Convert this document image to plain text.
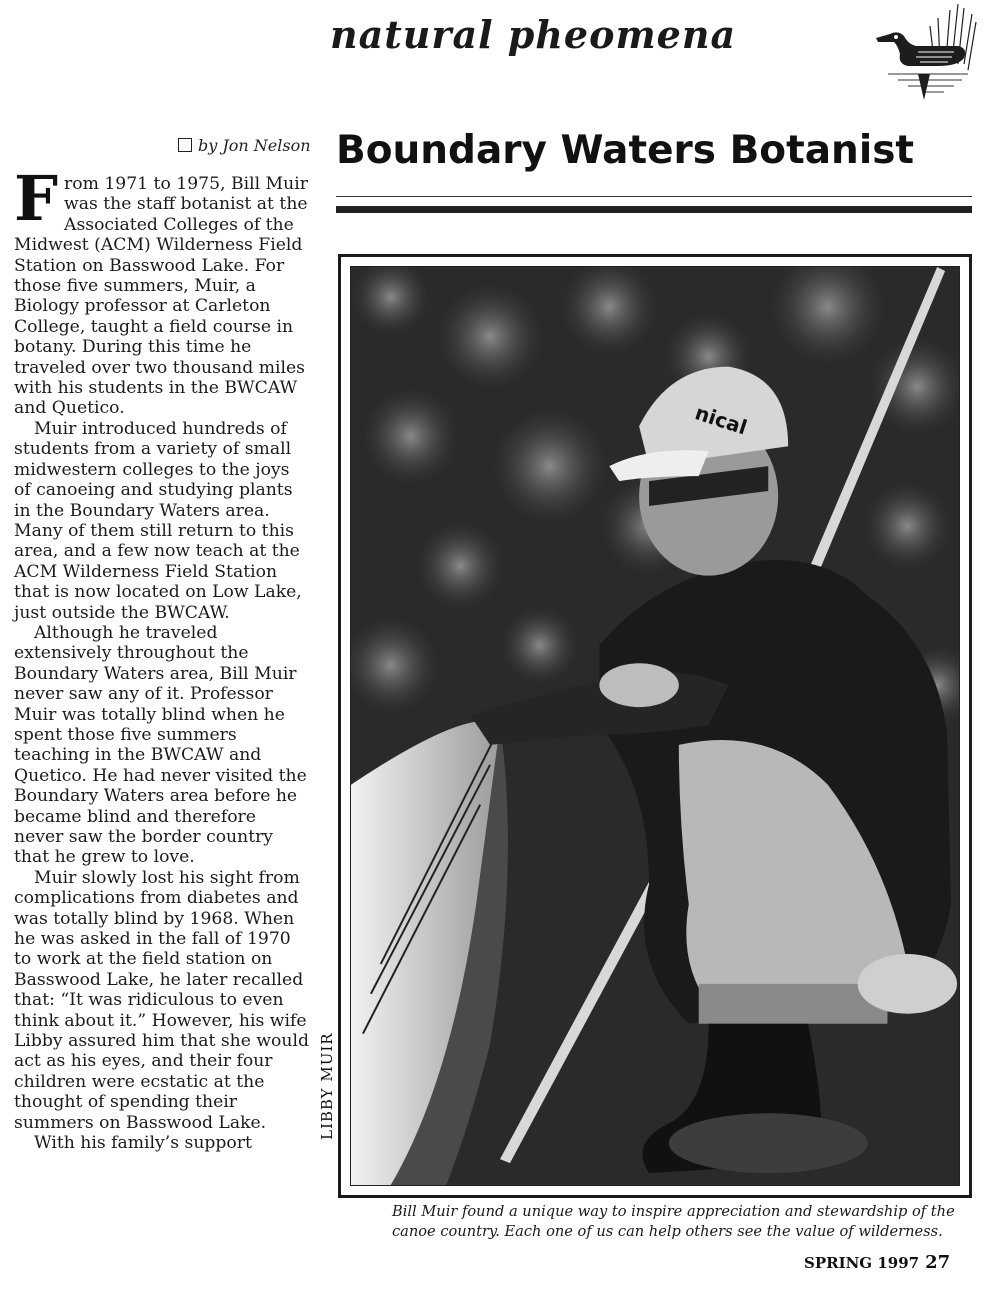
natural pheomena
by Jon Nelson Boundary Waters Botanist

From 1971 to 1975, Bill Muir was the staff botanist at the Associated Colleges of the Midwest (ACM) Wilderness Field Station on Basswood Lake. For those five summers, Muir, a Biology professor at Carleton College, taught a field course in botany. During this time he traveled over two thousand miles with his students in the BWCAW and Quetico.

Muir introduced hundreds of students from a variety of small midwestern colleges to the joys of canoeing and studying plants in the Boundary Waters area. Many of them still return to this area, and a few now teach at the ACM Wilderness Field Station that is now located on Low Lake, just outside the BWCAW.

Although he traveled extensively throughout the Boundary Waters area, Bill Muir never saw any of it. Professor Muir was totally blind when he spent those five summers teaching in the BWCAW and Quetico. He had never visited the Boundary Waters area before he became blind and therefore never saw the border country that he grew to love.

Muir slowly lost his sight from complications from diabetes and was totally blind by 1968. When he was asked in the fall of 1970 to work at the field station on Basswood Lake, he later recalled that: “It was ridiculous to even think about it.” However, his wife Libby assured him that she would act as his eyes, and their four children were ecstatic at the thought of spending their summers on Basswood Lake.

With his family’s support

nical
LIBBY MUIR
Bill Muir found a unique way to inspire appreciation and stewardship of the canoe country. Each one of us can help others see the value of wilderness.
SPRING 1997 27
